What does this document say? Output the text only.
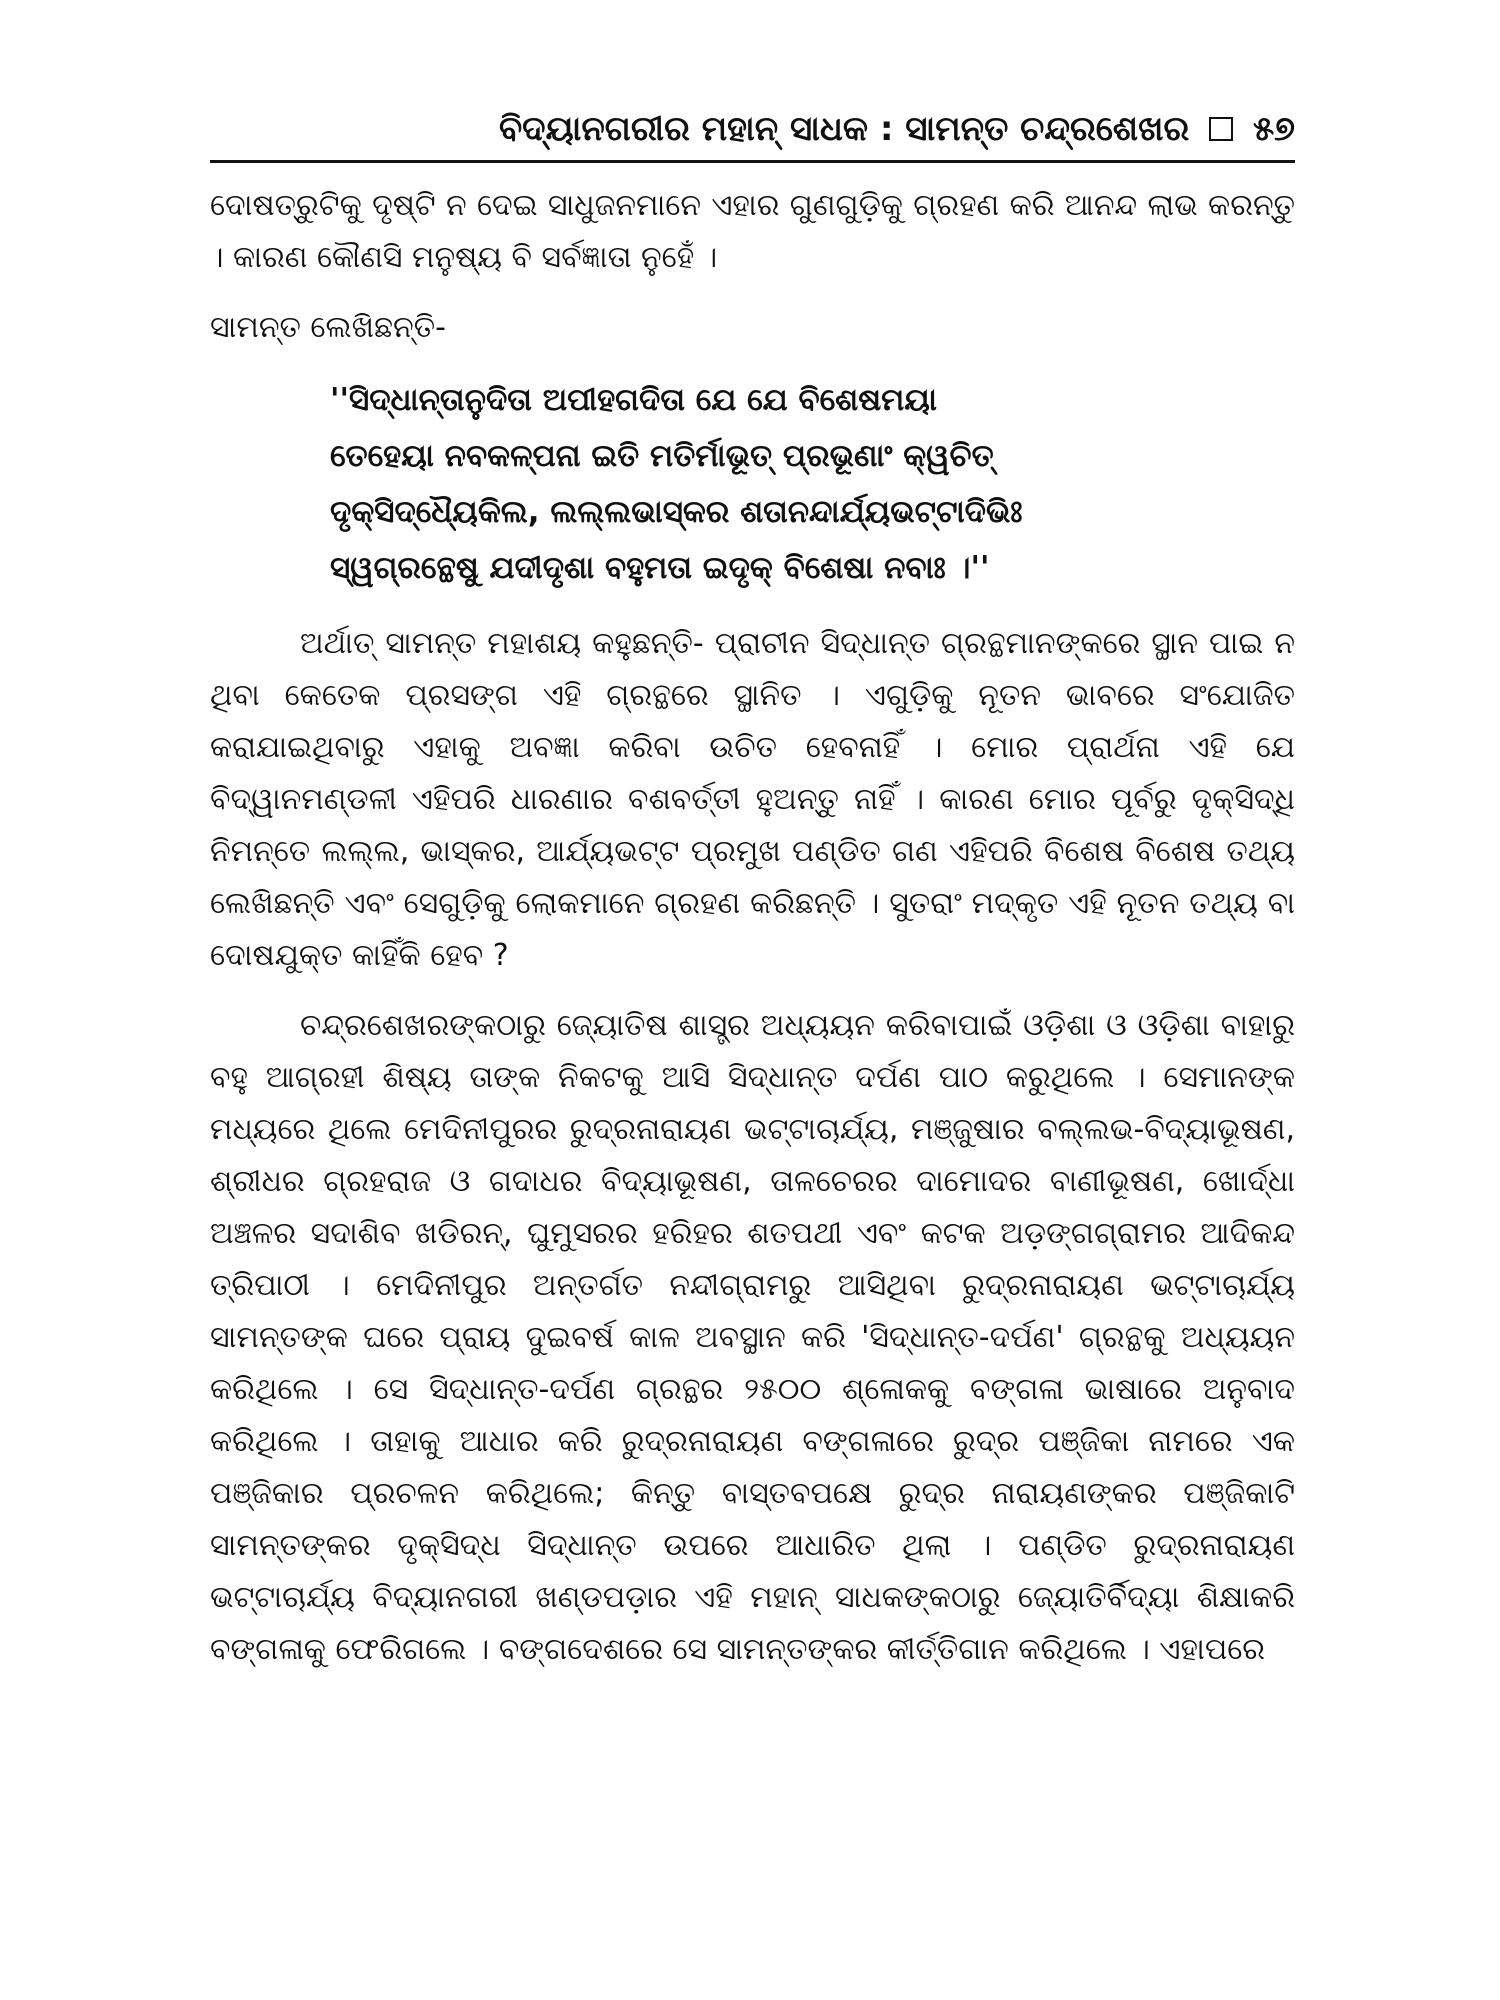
ବିଦ୍ୟାନଗରୀର ମହାନ୍ ସାଧକ : ସାମନ୍ତ ଚନ୍ଦ୍ରଶେଖର ୫୭

ଦୋଷତ୍ରୁଟିକୁ ଦୃଷ୍ଟି ନ ଦେଇ ସାଧୁଜନମାନେ ଏହାର ଗୁଣଗୁଡ଼ିକୁ ଗ୍ରହଣ କରି ଆନନ୍ଦ ଲାଭ କରନ୍ତୁ । କାରଣ କୌଣସି ମନୁଷ୍ୟ ବି ସର୍ବଜ୍ଞାତା ନୁହେଁ ।

ସାମନ୍ତ ଲେଖିଛନ୍ତି-

''ସିଦ୍ଧାନ୍ତାନୁଦିତା ଅପୀହଗଦିତା ଯେ ଯେ ବିଶେଷମୟା
ତେହେୟା ନବକଳ୍ପନା ଇତି ମତିର୍ମାଭୂତ୍ ପ୍ରଭୂଣାଂ କ୍ୱଚିତ୍
ଦୃକ୍‌ସିଦ୍ଧ୍ୟୈକିଲ, ଲଲ୍ଲଭାସ୍କର ଶତାନନ୍ଦାର୍ଯ୍ୟଭଟ୍ଟାଦିଭିଃ
ସ୍ୱଗ୍ରନ୍ଥେଷୁ ଯଦୀଦୃଶା ବହୁମତା ଇଦୃକ୍ ବିଶେଷା ନବାଃ ।''

ଅର୍ଥାତ୍ ସାମନ୍ତ ମହାଶୟ କହୁଛନ୍ତି- ପ୍ରାଚୀନ ସିଦ୍ଧାନ୍ତ ଗ୍ରନ୍ଥମାନଙ୍କରେ ସ୍ଥାନ ପାଇ ନ ଥିବା କେତେକ ପ୍ରସଙ୍ଗ ଏହି ଗ୍ରନ୍ଥରେ ସ୍ଥାନିତ । ଏଗୁଡ଼ିକୁ ନୂତନ ଭାବରେ ସଂଯୋଜିତ କରାଯାଇଥିବାରୁ ଏହାକୁ ଅବଜ୍ଞା କରିବା ଉଚିତ ହେବନାହିଁ । ମୋର ପ୍ରାର୍ଥନା ଏହି ଯେ ବିଦ୍ୱାନମଣ୍ଡଳୀ ଏହିପରି ଧାରଣାର ବଶବର୍ତ୍ତୀ ହୁଅନ୍ତୁ ନାହିଁ । କାରଣ ମୋର ପୂର୍ବରୁ ଦୃକ୍‌ସିଦ୍ଧି ନିମନ୍ତେ ଲଲ୍ଲ, ଭାସ୍କର, ଆର୍ଯ୍ୟଭଟ୍ଟ ପ୍ରମୁଖ ପଣ୍ଡିତ ଗଣ ଏହିପରି ବିଶେଷ ବିଶେଷ ତଥ୍ୟ ଲେଖିଛନ୍ତି ଏବଂ ସେଗୁଡ଼ିକୁ ଲୋକମାନେ ଗ୍ରହଣ କରିଛନ୍ତି । ସୁତରାଂ ମଦ୍‌କୃତ ଏହି ନୂତନ ତଥ୍ୟ ବା ଦୋଷଯୁକ୍ତ କାହିଁକି ହେବ ?

ଚନ୍ଦ୍ରଶେଖରଙ୍କଠାରୁ ଜ୍ୟୋତିଷ ଶାସ୍ତ୍ର ଅଧ୍ୟୟନ କରିବାପାଇଁ ଓଡ଼ିଶା ଓ ଓଡ଼ିଶା ବାହାରୁ ବହୁ ଆଗ୍ରହୀ ଶିଷ୍ୟ ତାଙ୍କ ନିକଟକୁ ଆସି ସିଦ୍ଧାନ୍ତ ଦର୍ପଣ ପାଠ କରୁଥିଲେ । ସେମାନଙ୍କ ମଧ୍ୟରେ ଥିଲେ ମେଦିନୀପୁରର ରୁଦ୍ରନାରାୟଣ ଭଟ୍ଟାଚାର୍ଯ୍ୟ, ମଞ୍ଜୁଷାର ବଲ୍ଲଭ-ବିଦ୍ୟାଭୂଷଣ, ଶ୍ରୀଧର ଗ୍ରହରାଜ ଓ ଗଦାଧର ବିଦ୍ୟାଭୂଷଣ, ତାଳଚେରର ଦାମୋଦର ବାଣୀଭୂଷଣ, ଖୋର୍ଦ୍ଧା ଅଞ୍ଚଳର ସଦାଶିବ ଖଡିରନ୍, ଘୁମୁସରର ହରିହର ଶତପଥୀ ଏବଂ କଟକ ଅଡ଼ଙ୍ଗଗ୍ରାମର ଆଦିକନ୍ଦ ତ୍ରିପାଠୀ । ମେଦିନୀପୁର ଅନ୍ତର୍ଗତ ନନ୍ଦୀଗ୍ରାମରୁ ଆସିଥିବା ରୁଦ୍ରନାରାୟଣ ଭଟ୍ଟାଚାର୍ଯ୍ୟ ସାମନ୍ତଙ୍କ ଘରେ ପ୍ରାୟ ଦୁଇବର୍ଷ କାଳ ଅବସ୍ଥାନ କରି 'ସିଦ୍ଧାନ୍ତ-ଦର୍ପଣ' ଗ୍ରନ୍ଥକୁ ଅଧ୍ୟୟନ କରିଥିଲେ । ସେ ସିଦ୍ଧାନ୍ତ-ଦର୍ପଣ ଗ୍ରନ୍ଥର ୨୫୦୦ ଶ୍ଳୋକକୁ ବଙ୍ଗଳା ଭାଷାରେ ଅନୁବାଦ କରିଥିଲେ । ତାହାକୁ ଆଧାର କରି ରୁଦ୍ରନାରାୟଣ ବଙ୍ଗଳାରେ ରୁଦ୍ର ପଞ୍ଜିକା ନାମରେ ଏକ ପଞ୍ଜିକାର ପ୍ରଚଳନ କରିଥିଲେ; କିନ୍ତୁ ବାସ୍ତବପକ୍ଷେ ରୁଦ୍ର ନାରାୟଣଙ୍କର ପଞ୍ଜିକାଟି ସାମନ୍ତଙ୍କର ଦୃକ୍‌ସିଦ୍ଧ ସିଦ୍ଧାନ୍ତ ଉପରେ ଆଧାରିତ ଥିଲା । ପଣ୍ଡିତ ରୁଦ୍ରନାରାୟଣ ଭଟ୍ଟାଚାର୍ଯ୍ୟ ବିଦ୍ୟାନଗରୀ ଖଣ୍ଡପଡ଼ାର ଏହି ମହାନ୍ ସାଧକଙ୍କଠାରୁ ଜ୍ୟୋତିର୍ବିଦ୍ୟା ଶିକ୍ଷାକରି ବଙ୍ଗଳାକୁ ଫେରିଗଲେ । ବଙ୍ଗଦେଶରେ ସେ ସାମନ୍ତଙ୍କର କୀର୍ତ୍ତିଗାନ କରିଥିଲେ । ଏହାପରେ
